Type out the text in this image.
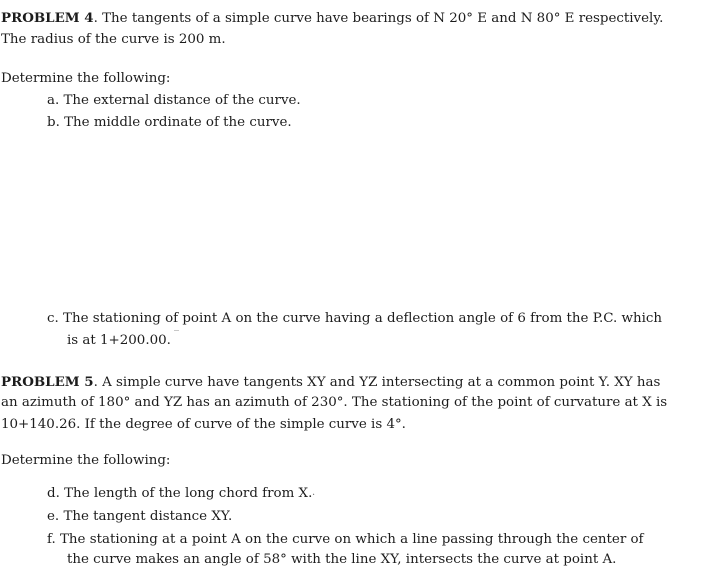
PROBLEM 4. The tangents of a simple curve have bearings of N 20° E and N 80° E respectively.
The radius of the curve is 200 m.
Determine the following:
a. The external distance of the curve.
b. The middle ordinate of the curve.
c. The stationing of point A on the curve having a deflection angle of 6 from the P.C. which
is at 1+200.00. ‾
PROBLEM 5. A simple curve have tangents XY and YZ intersecting at a common point Y. XY has
an azimuth of 180° and YZ has an azimuth of 230°. The stationing of the point of curvature at X is
10+140.26. If the degree of curve of the simple curve is 4°.
Determine the following:
d. The length of the long chord from X. ·
e. The tangent distance XY.
f. The stationing at a point A on the curve on which a line passing through the center of
the curve makes an angle of 58° with the line XY, intersects the curve at point A.
